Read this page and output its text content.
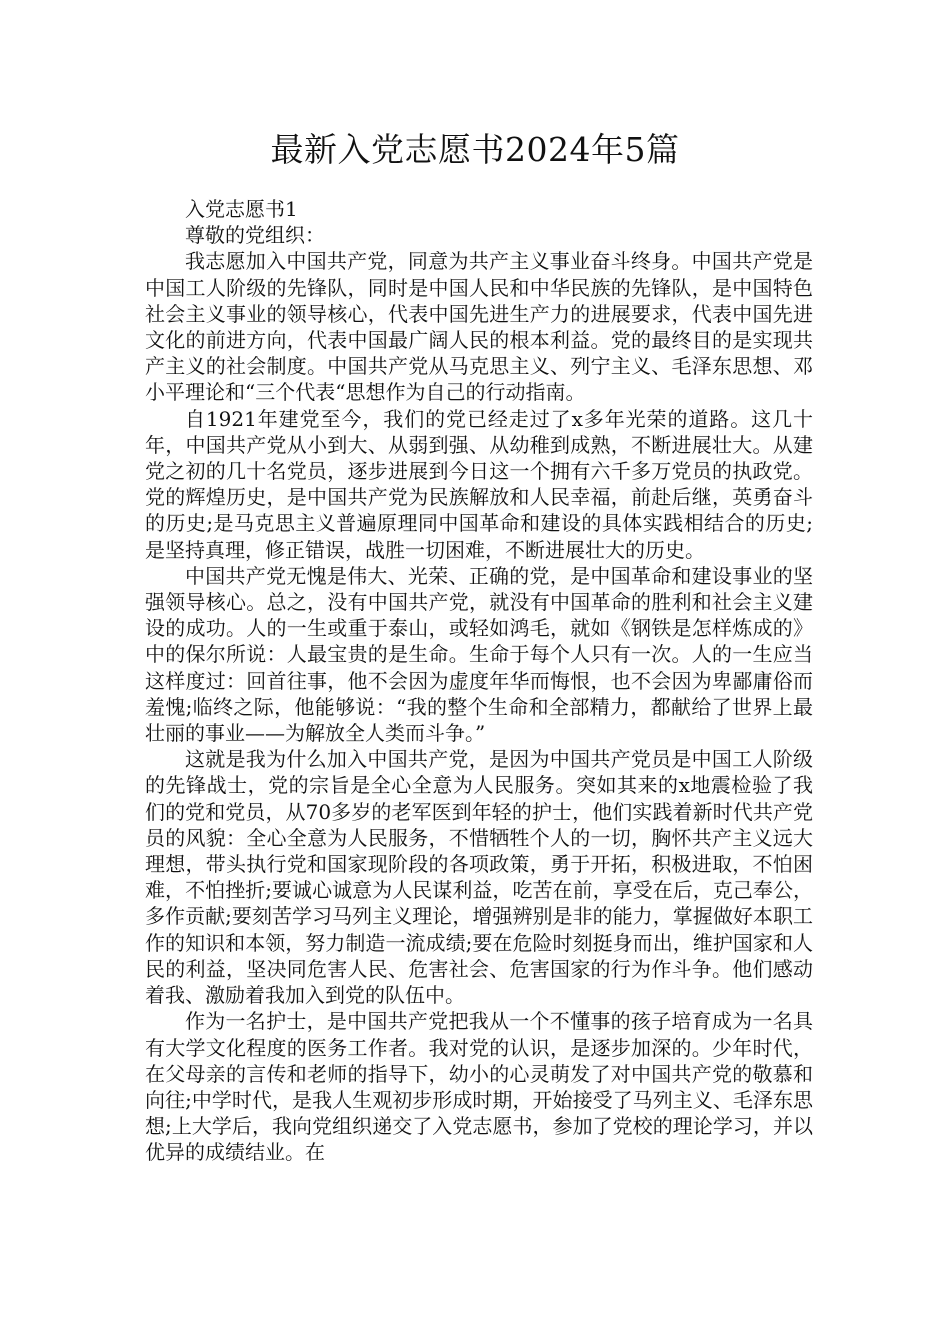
最新入党志愿书2024年5篇

入党志愿书1

尊敬的党组织：

我志愿加入中国共产党，同意为共产主义事业奋斗终身。中国共产党是中国工人阶级的先锋队，同时是中国人民和中华民族的先锋队，是中国特色社会主义事业的领导核心，代表中国先进生产力的进展要求，代表中国先进文化的前进方向，代表中国最广阔人民的根本利益。党的最终目的是实现共产主义的社会制度。中国共产党从马克思主义、列宁主义、毛泽东思想、邓小平理论和“三个代表“思想作为自己的行动指南。

自1921年建党至今，我们的党已经走过了x多年光荣的道路。这几十年，中国共产党从小到大、从弱到强、从幼稚到成熟，不断进展壮大。从建党之初的几十名党员，逐步进展到今日这一个拥有六千多万党员的执政党。党的辉煌历史，是中国共产党为民族解放和人民幸福，前赴后继，英勇奋斗的历史;是马克思主义普遍原理同中国革命和建设的具体实践相结合的历史;是坚持真理，修正错误，战胜一切困难，不断进展壮大的历史。

中国共产党无愧是伟大、光荣、正确的党，是中国革命和建设事业的坚强领导核心。总之，没有中国共产党，就没有中国革命的胜利和社会主义建设的成功。人的一生或重于泰山，或轻如鸿毛，就如《钢铁是怎样炼成的》中的保尔所说：人最宝贵的是生命。生命于每个人只有一次。人的一生应当这样度过：回首往事，他不会因为虚度年华而悔恨，也不会因为卑鄙庸俗而羞愧;临终之际，他能够说：“我的整个生命和全部精力，都献给了世界上最壮丽的事业——为解放全人类而斗争。”

这就是我为什么加入中国共产党，是因为中国共产党员是中国工人阶级的先锋战士，党的宗旨是全心全意为人民服务。突如其来的x地震检验了我们的党和党员，从70多岁的老军医到年轻的护士，他们实践着新时代共产党员的风貌：全心全意为人民服务，不惜牺牲个人的一切，胸怀共产主义远大理想，带头执行党和国家现阶段的各项政策，勇于开拓，积极进取，不怕困难，不怕挫折;要诚心诚意为人民谋利益，吃苦在前，享受在后，克己奉公，多作贡献;要刻苦学习马列主义理论，增强辨别是非的能力，掌握做好本职工作的知识和本领，努力制造一流成绩;要在危险时刻挺身而出，维护国家和人民的利益，坚决同危害人民、危害社会、危害国家的行为作斗争。他们感动着我、激励着我加入到党的队伍中。

作为一名护士，是中国共产党把我从一个不懂事的孩子培育成为一名具有大学文化程度的医务工作者。我对党的认识，是逐步加深的。少年时代，在父母亲的言传和老师的指导下，幼小的心灵萌发了对中国共产党的敬慕和向往;中学时代，是我人生观初步形成时期，开始接受了马列主义、毛泽东思想;上大学后，我向党组织递交了入党志愿书，参加了党校的理论学习，并以优异的成绩结业。在
